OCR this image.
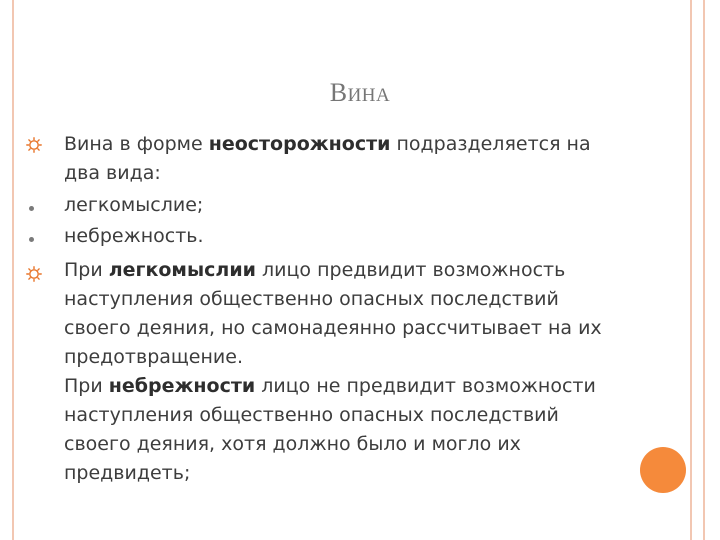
ВИНА
Вина в форме неосторожности подразделяется на два вида:
легкомыслие;
небрежность.
При легкомыслии лицо предвидит возможность наступления общественно опасных последствий своего деяния, но самонадеянно рассчитывает на их предотвращение.
При небрежности лицо не предвидит возможности наступления общественно опасных последствий своего деяния, хотя должно было и могло их предвидеть;
